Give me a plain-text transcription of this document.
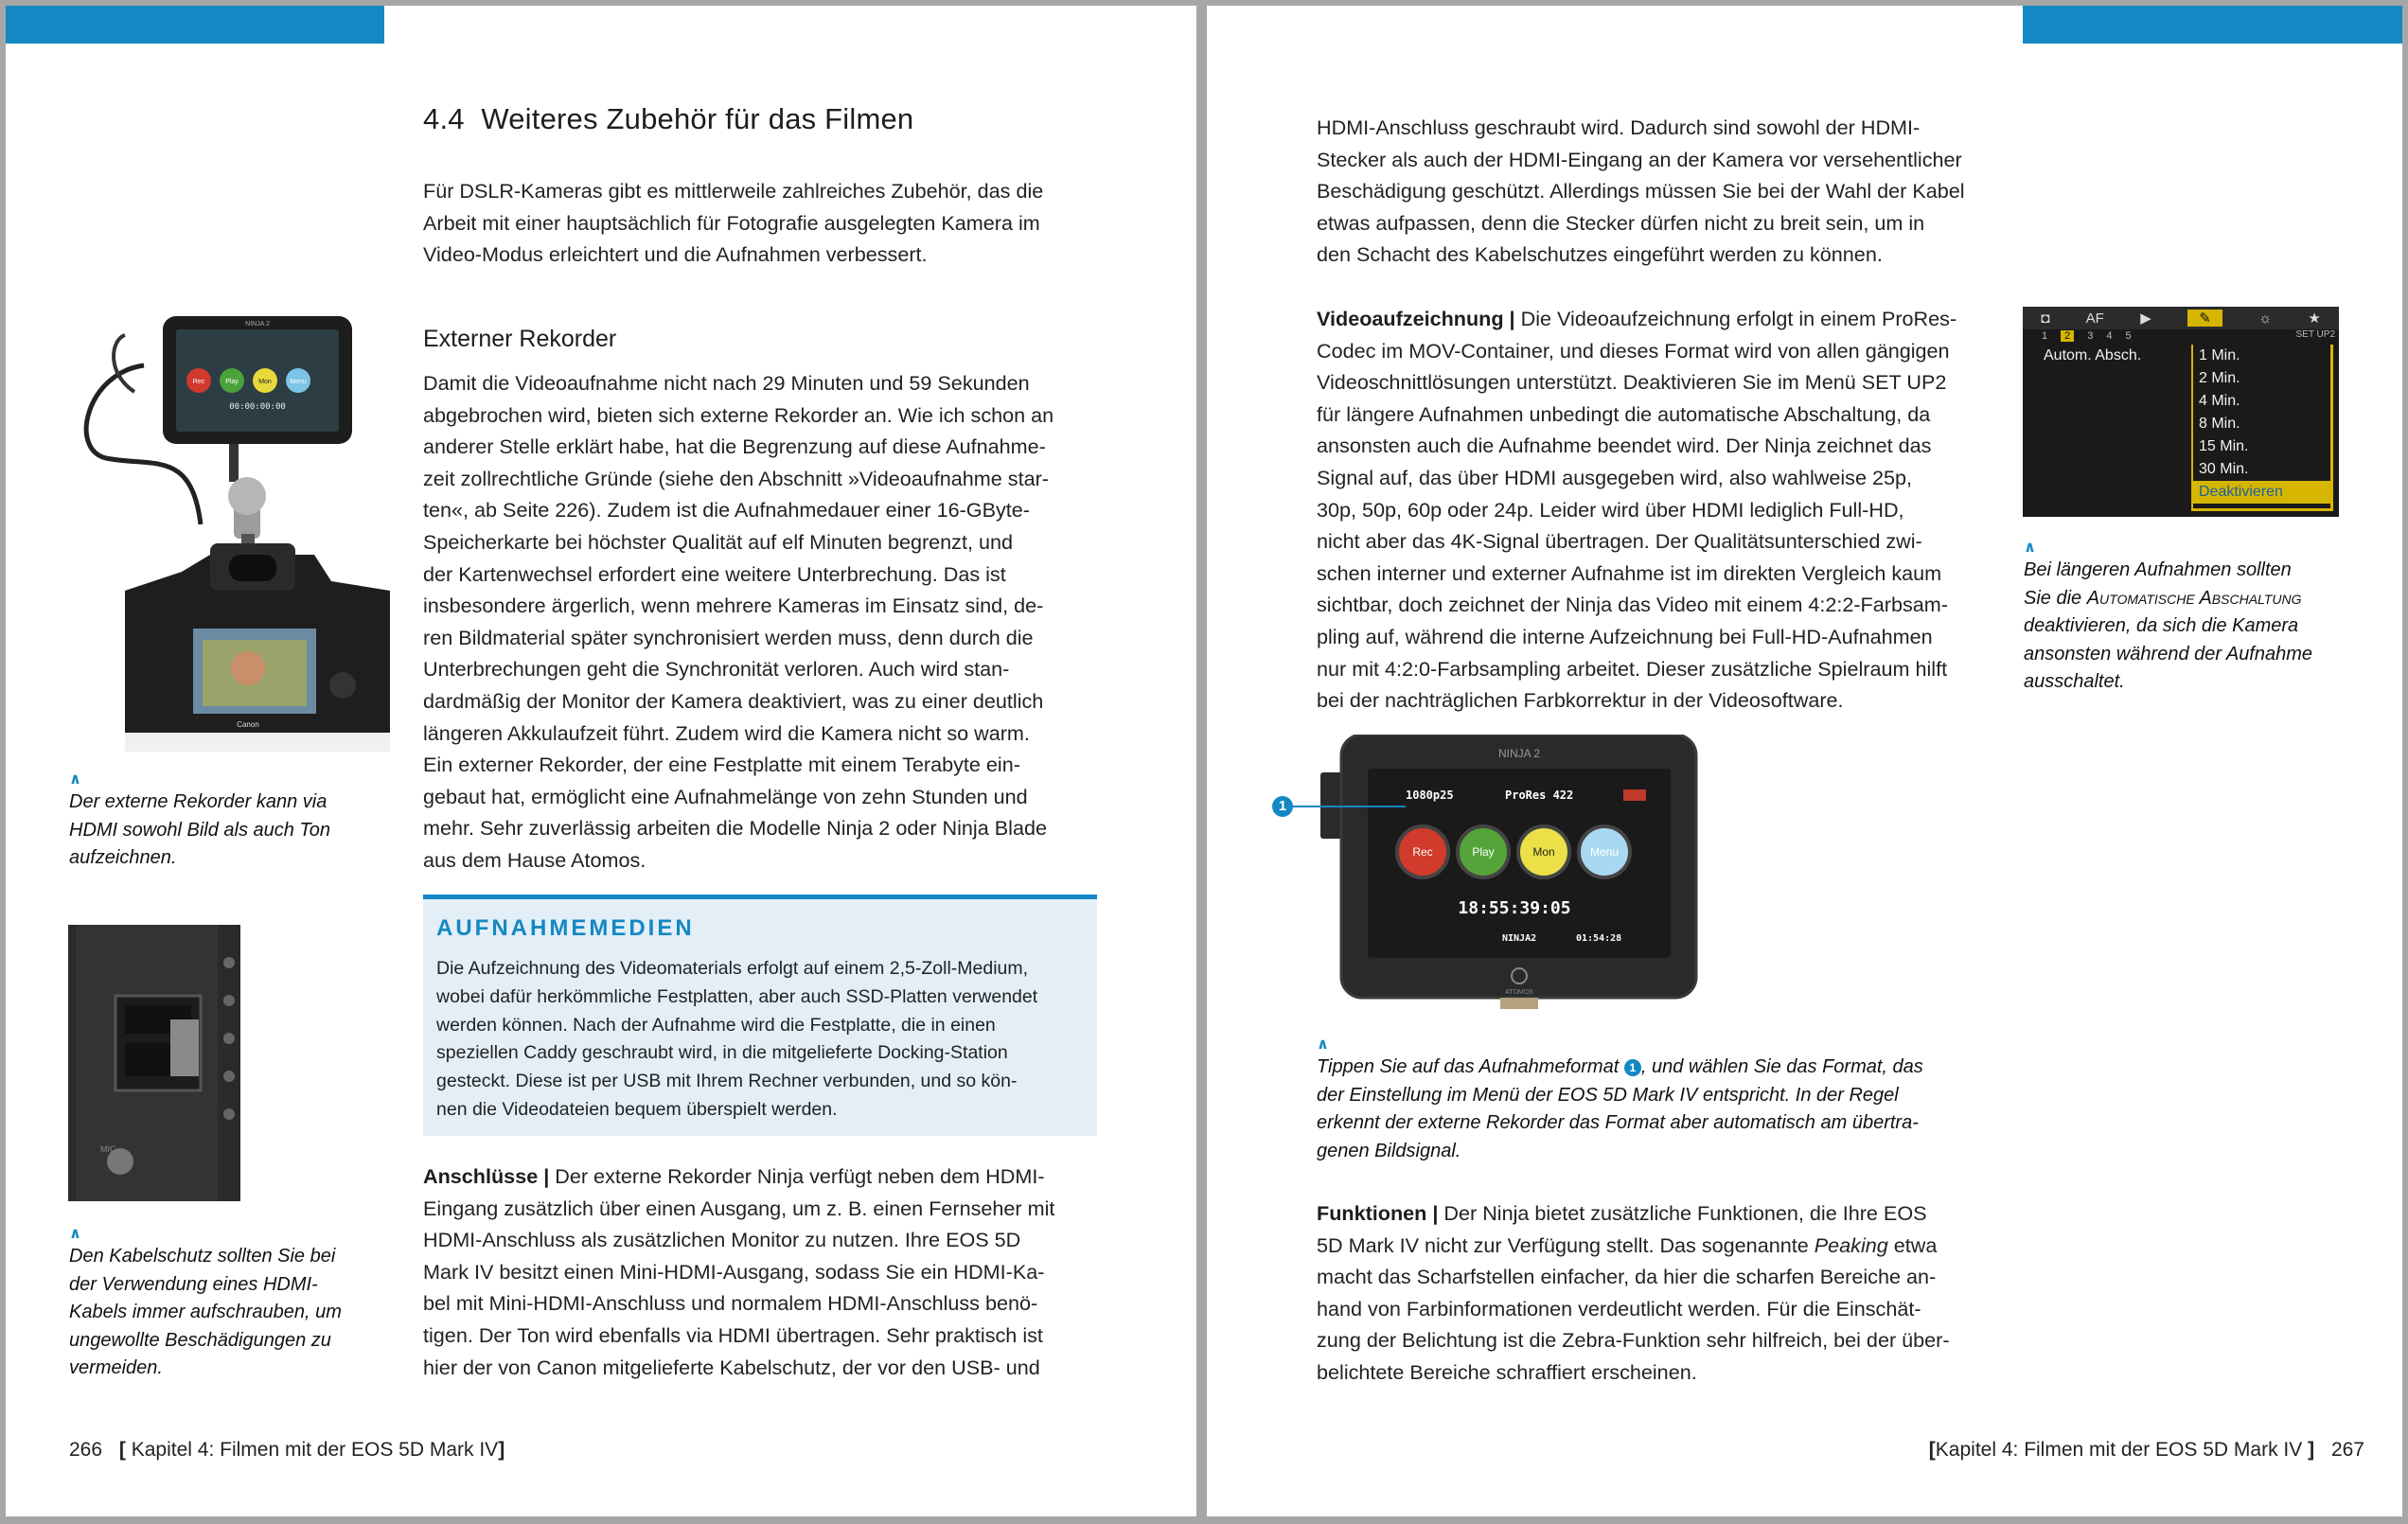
4.4 Weiteres Zubehör für das Filmen
Für DSLR-Kameras gibt es mittlerweile zahlreiches Zubehör, das die
Arbeit mit einer hauptsächlich für Fotografie ausgelegten Kamera im
Video-Modus erleichtert und die Aufnahmen verbessert.
Externer Rekorder
Damit die Videoaufnahme nicht nach 29 Minuten und 59 Sekunden
abgebrochen wird, bieten sich externe Rekorder an. Wie ich schon an
anderer Stelle erklärt habe, hat die Begrenzung auf diese Aufnahme-
zeit zollrechtliche Gründe (siehe den Abschnitt »Videoaufnahme star-
ten«, ab Seite 226). Zudem ist die Aufnahmedauer einer 16-GByte-
Speicherkarte bei höchster Qualität auf elf Minuten begrenzt, und
der Kartenwechsel erfordert eine weitere Unterbrechung. Das ist
insbesondere ärgerlich, wenn mehrere Kameras im Einsatz sind, de-
ren Bildmaterial später synchronisiert werden muss, denn durch die
Unterbrechungen geht die Synchronität verloren. Auch wird stan-
dardmäßig der Monitor der Kamera deaktiviert, was zu einer deutlich
längeren Akkulaufzeit führt. Zudem wird die Kamera nicht so warm.
Ein externer Rekorder, der eine Festplatte mit einem Terabyte ein-
gebaut hat, ermöglicht eine Aufnahmelänge von zehn Stunden und
mehr. Sehr zuverlässig arbeiten die Modelle Ninja 2 oder Ninja Blade
aus dem Hause Atomos.
AUFNAHMEMEDIEN
Die Aufzeichnung des Videomaterials erfolgt auf einem 2,5-Zoll-Medium,
wobei dafür herkömmliche Festplatten, aber auch SSD-Platten verwendet
werden können. Nach der Aufnahme wird die Festplatte, die in einen
speziellen Caddy geschraubt wird, in die mitgelieferte Docking-Station
gesteckt. Diese ist per USB mit Ihrem Rechner verbunden, und so kön-
nen die Videodateien bequem überspielt werden.
Anschlüsse | Der externe Rekorder Ninja verfügt neben dem HDMI-
Eingang zusätzlich über einen Ausgang, um z. B. einen Fernseher mit
HDMI-Anschluss als zusätzlichen Monitor zu nutzen. Ihre EOS 5D
Mark IV besitzt einen Mini-HDMI-Ausgang, sodass Sie ein HDMI-Ka-
bel mit Mini-HDMI-Anschluss und normalem HDMI-Anschluss benö-
tigen. Der Ton wird ebenfalls via HDMI übertragen. Sehr praktisch ist
hier der von Canon mitgelieferte Kabelschutz, der vor den USB- und
NINJA 2
Rec	Play	Mon	Menu
00:00:00:00
Canon
∧
Der externe Rekorder kann via
HDMI sowohl Bild als auch Ton
aufzeichnen.
MIC
∧
Den Kabelschutz sollten Sie bei
der Verwendung eines HDMI-
Kabels immer aufschrauben, um
ungewollte Beschädigungen zu
vermeiden.
266 [ Kapitel 4: Filmen mit der EOS 5D Mark IV]
HDMI-Anschluss geschraubt wird. Dadurch sind sowohl der HDMI-
Stecker als auch der HDMI-Eingang an der Kamera vor versehentlicher
Beschädigung geschützt. Allerdings müssen Sie bei der Wahl der Kabel
etwas aufpassen, denn die Stecker dürfen nicht zu breit sein, um in
den Schacht des Kabelschutzes eingeführt werden zu können.
Videoaufzeichnung | Die Videoaufzeichnung erfolgt in einem ProRes-
Codec im MOV-Container, und dieses Format wird von allen gängigen
Videoschnittlösungen unterstützt. Deaktivieren Sie im Menü SET UP2
für längere Aufnahmen unbedingt die automatische Abschaltung, da
ansonsten auch die Aufnahme beendet wird. Der Ninja zeichnet das
Signal auf, das über HDMI ausgegeben wird, also wahlweise 25p,
30p, 50p, 60p oder 24p. Leider wird über HDMI lediglich Full-HD,
nicht aber das 4K-Signal übertragen. Der Qualitätsunterschied zwi-
schen interner und externer Aufnahme ist im direkten Vergleich kaum
sichtbar, doch zeichnet der Ninja das Video mit einem 4:2:2-Farbsam-
pling auf, während die interne Aufzeichnung bei Full-HD-Aufnahmen
nur mit 4:2:0-Farbsampling arbeitet. Dieser zusätzliche Spielraum hilft
bei der nachträglichen Farbkorrektur in der Videosoftware.
◘	AF	▶	✎	☼	★
1	2	3 4 5	SET UP2
Autom. Absch.	1 Min.
2 Min.
4 Min.
8 Min.
15 Min.
30 Min.
Deaktivieren
∧
Bei längeren Aufnahmen sollten
Sie die Automatische Abschaltung
deaktivieren, da sich die Kamera
ansonsten während der Aufnahme
ausschaltet.
NINJA 2
1080p25	ProRes 422
Rec	Play	Mon	Menu
18:55:39:05
NINJA2	01:54:28
ATOMOS
1
∧
Tippen Sie auf das Aufnahmeformat 1 , und wählen Sie das Format, das
der Einstellung im Menü der EOS 5D Mark IV entspricht. In der Regel
erkennt der externe Rekorder das Format aber automatisch am übertra-
genen Bildsignal.
Funktionen | Der Ninja bietet zusätzliche Funktionen, die Ihre EOS
5D Mark IV nicht zur Verfügung stellt. Das sogenannte Peaking etwa
macht das Scharfstellen einfacher, da hier die scharfen Bereiche an-
hand von Farbinformationen verdeutlicht werden. Für die Einschät-
zung der Belichtung ist die Zebra-Funktion sehr hilfreich, bei der über-
belichtete Bereiche schraffiert erscheinen.
[Kapitel 4: Filmen mit der EOS 5D Mark IV ] 267
